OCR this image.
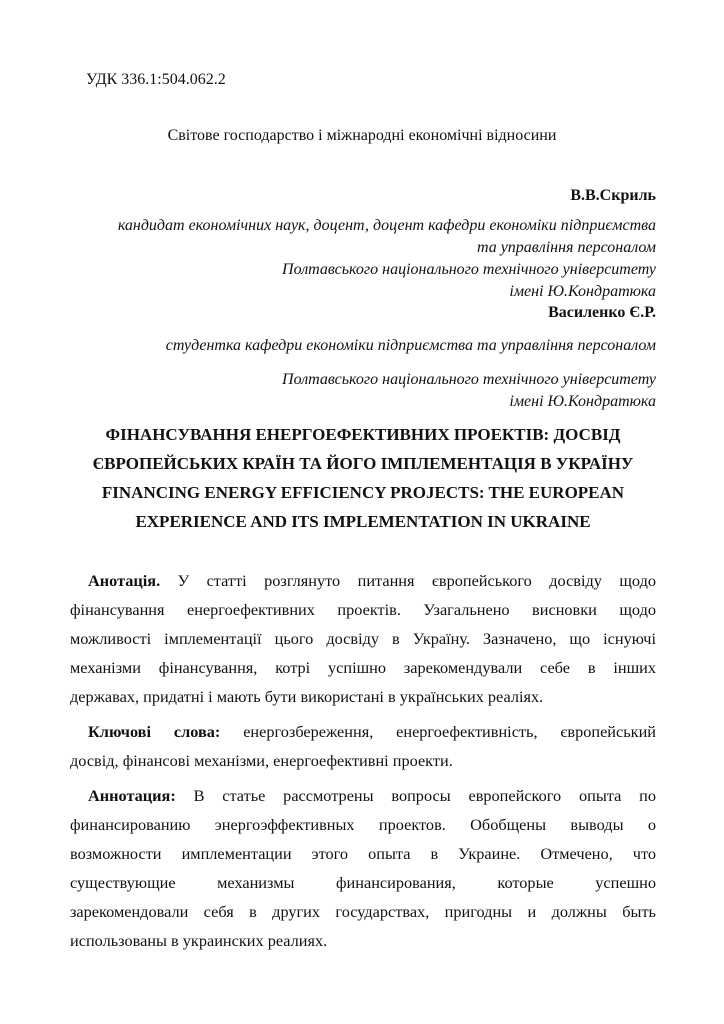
УДК 336.1:504.062.2
Світове господарство і міжнародні економічні відносини
В.В.Скриль
кандидат економічних наук, доцент, доцент кафедри економіки підприємства
та управління персоналом
Полтавського національного технічного університету
імені Ю.Кондратюка
Василенко Є.Р.
студентка кафедри економіки підприємства та управління персоналом
Полтавського національного технічного університету
імені Ю.Кондратюка
ФІНАНСУВАННЯ ЕНЕРГОЕФЕКТИВНИХ ПРОЕКТІВ: ДОСВІД
ЄВРОПЕЙСЬКИХ КРАЇН ТА ЙОГО ІМПЛЕМЕНТАЦІЯ В УКРАЇНУ
FINANCING ENERGY EFFICIENCY PROJECTS: THE EUROPEAN
EXPERIENCE AND ITS IMPLEMENTATION IN UKRAINE
Анотація. У статті розглянуто питання європейського досвіду щодо
фінансування енергоефективних проектів. Узагальнено висновки щодо
можливості імплементації цього досвіду в Україну. Зазначено, що існуючі
механізми фінансування, котрі успішно зарекомендували себе в інших
державах, придатні і мають бути використані в українських реаліях.
Ключові слова: енергозбереження, енергоефективність, європейський
досвід, фінансові механізми, енергоефективні проекти.
Аннотация: В статье рассмотрены вопросы европейского опыта по
финансированию энергоэффективных проектов. Обобщены выводы о
возможности имплементации этого опыта в Украине. Отмечено, что
существующие механизмы финансирования, которые успешно
зарекомендовали себя в других государствах, пригодны и должны быть
использованы в украинских реалиях.
